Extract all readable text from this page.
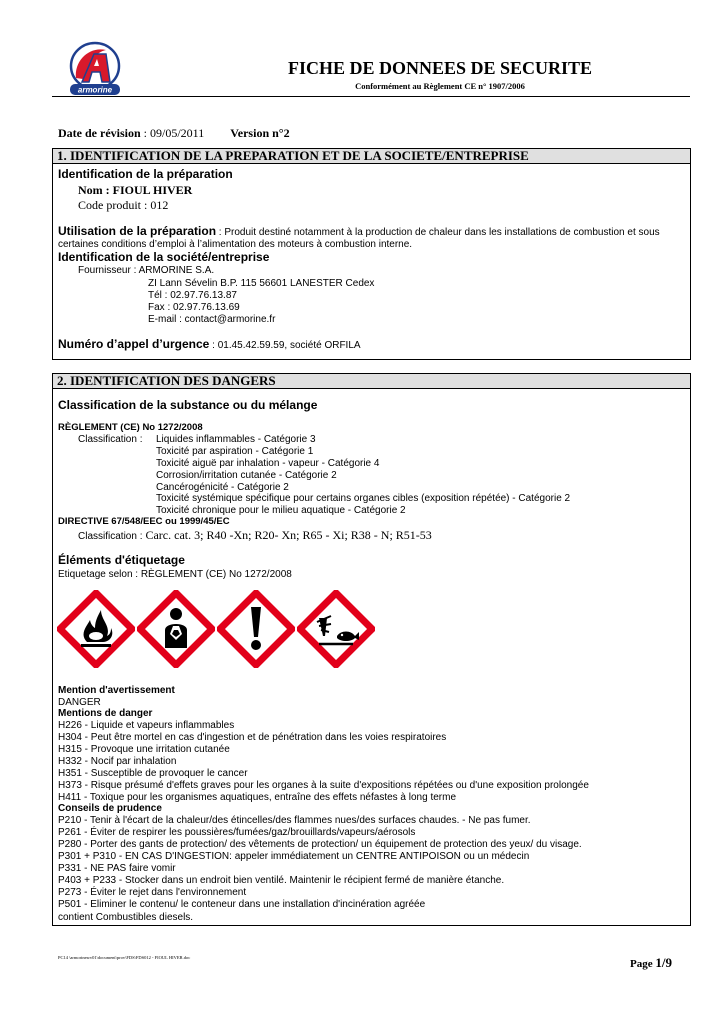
armorine
FICHE DE DONNEES DE SECURITE
Conformément au Règlement CE n° 1907/2006
Date de révision : 09/05/2011 Version n°2
1. IDENTIFICATION DE LA PREPARATION ET DE LA SOCIETE/ENTREPRISE
Identification de la préparation
Nom : FIOUL HIVER
Code produit : 012
Utilisation de la préparation : Produit destiné notamment à la production de chaleur dans les installations de combustion et sous
certaines conditions d’emploi à l’alimentation des moteurs à combustion interne.
Identification de la société/entreprise
Fournisseur : ARMORINE S.A.
ZI Lann Sévelin B.P. 115 56601 LANESTER Cedex
Tél : 02.97.76.13.87
Fax : 02.97.76.13.69
E-mail : contact@armorine.fr
Numéro d’appel d’urgence : 01.45.42.59.59, société ORFILA
2. IDENTIFICATION DES DANGERS
Classification de la substance ou du mélange
RÈGLEMENT (CE) No 1272/2008
Classification : Liquides inflammables - Catégorie 3
Toxicité par aspiration - Catégorie 1
Toxicité aiguë par inhalation - vapeur - Catégorie 4
Corrosion/irritation cutanée - Catégorie 2
Cancérogénicité - Catégorie 2
Toxicité systémique spécifique pour certains organes cibles (exposition répétée) - Catégorie 2
Toxicité chronique pour le milieu aquatique - Catégorie 2
DIRECTIVE 67/548/EEC ou 1999/45/EC
Classification : Carc. cat. 3; R40 -Xn; R20- Xn; R65 - Xi; R38 - N; R51-53
Éléments d'étiquetage
Etiquetage selon : RÈGLEMENT (CE) No 1272/2008
Mention d'avertissement
DANGER
Mentions de danger
H226 - Liquide et vapeurs inflammables
H304 - Peut être mortel en cas d'ingestion et de pénétration dans les voies respiratoires
H315 - Provoque une irritation cutanée
H332 - Nocif par inhalation
H351 - Susceptible de provoquer le cancer
H373 - Risque présumé d'effets graves pour les organes à la suite d'expositions répétées ou d'une exposition prolongée
H411 - Toxique pour les organismes aquatiques, entraîne des effets néfastes à long terme
Conseils de prudence
P210 - Tenir à l'écart de la chaleur/des étincelles/des flammes nues/des surfaces chaudes. - Ne pas fumer.
P261 - Éviter de respirer les poussières/fumées/gaz/brouillards/vapeurs/aérosols
P280 - Porter des gants de protection/ des vêtements de protection/ un équipement de protection des yeux/ du visage.
P301 + P310 - EN CAS D'INGESTION: appeler immédiatement un CENTRE ANTIPOISON ou un médecin
P331 - NE PAS faire vomir
P403 + P233 - Stocker dans un endroit bien ventilé. Maintenir le récipient fermé de manière étanche.
P273 - Éviter le rejet dans l'environnement
P501 - Eliminer le contenu/ le conteneur dans une installation d'incinération agréée
contient Combustibles diesels.
PC14 \armorinesrv01\document\prov\FDS\FDS012 - FIOUL HIVER.doc
Page 1/9
